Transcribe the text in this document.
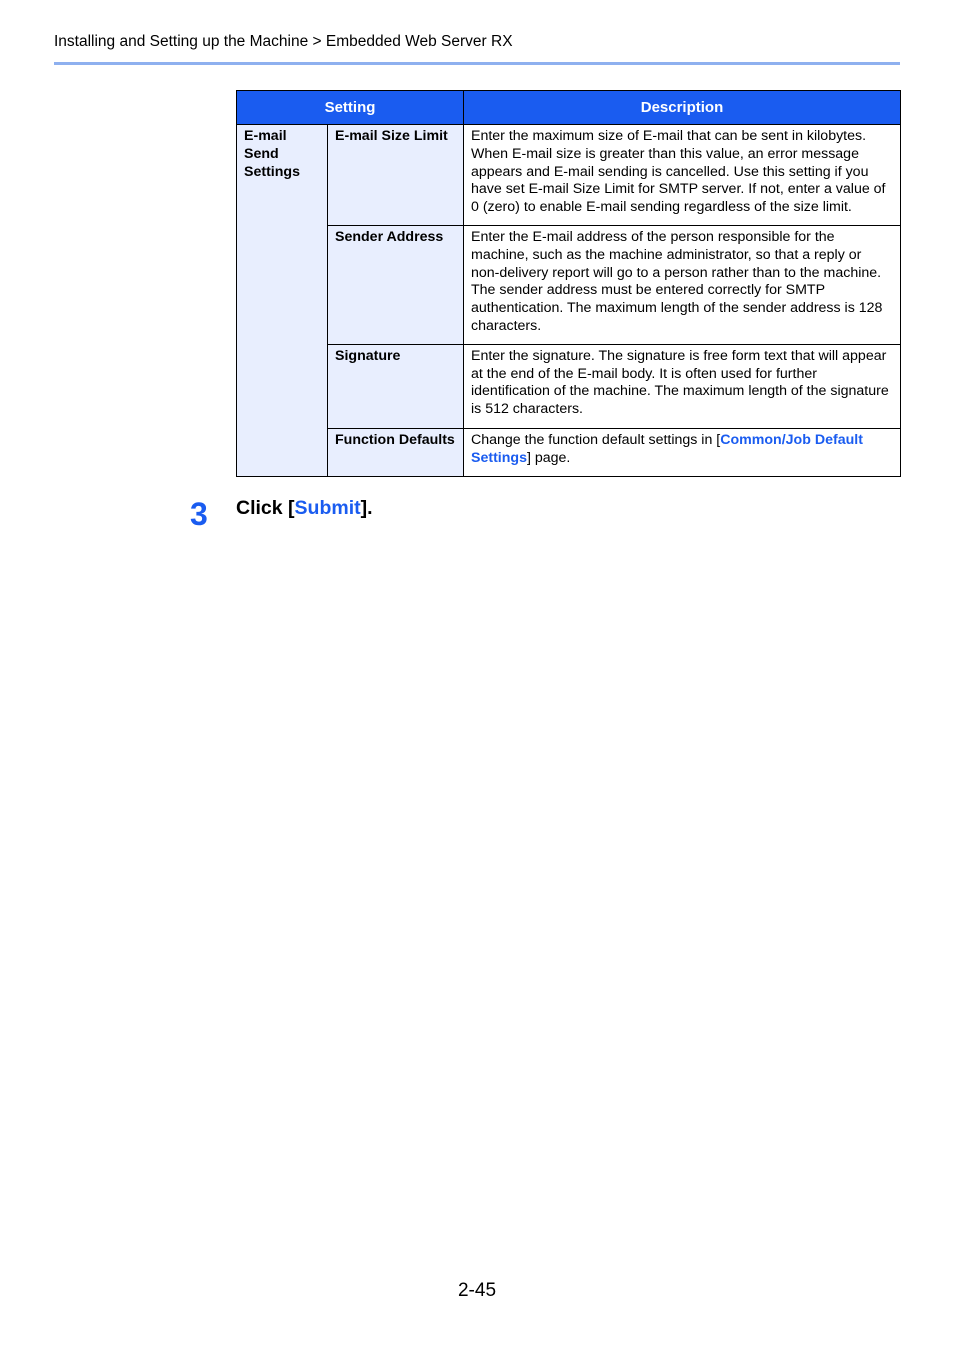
Installing and Setting up the Machine > Embedded Web Server RX
Setting		Description
E-mail Send Settings	E-mail Size Limit	Enter the maximum size of E-mail that can be sent in kilobytes. When E-mail size is greater than this value, an error message appears and E-mail sending is cancelled. Use this setting if you have set E-mail Size Limit for SMTP server. If not, enter a value of 0 (zero) to enable E-mail sending regardless of the size limit.
	Sender Address	Enter the E-mail address of the person responsible for the machine, such as the machine administrator, so that a reply or non-delivery report will go to a person rather than to the machine. The sender address must be entered correctly for SMTP authentication. The maximum length of the sender address is 128 characters.
	Signature	Enter the signature. The signature is free form text that will appear at the end of the E-mail body. It is often used for further identification of the machine. The maximum length of the signature is 512 characters.
	Function Defaults	Change the function default settings in [Common/Job Default Settings] page.
3 Click [Submit].
2-45
